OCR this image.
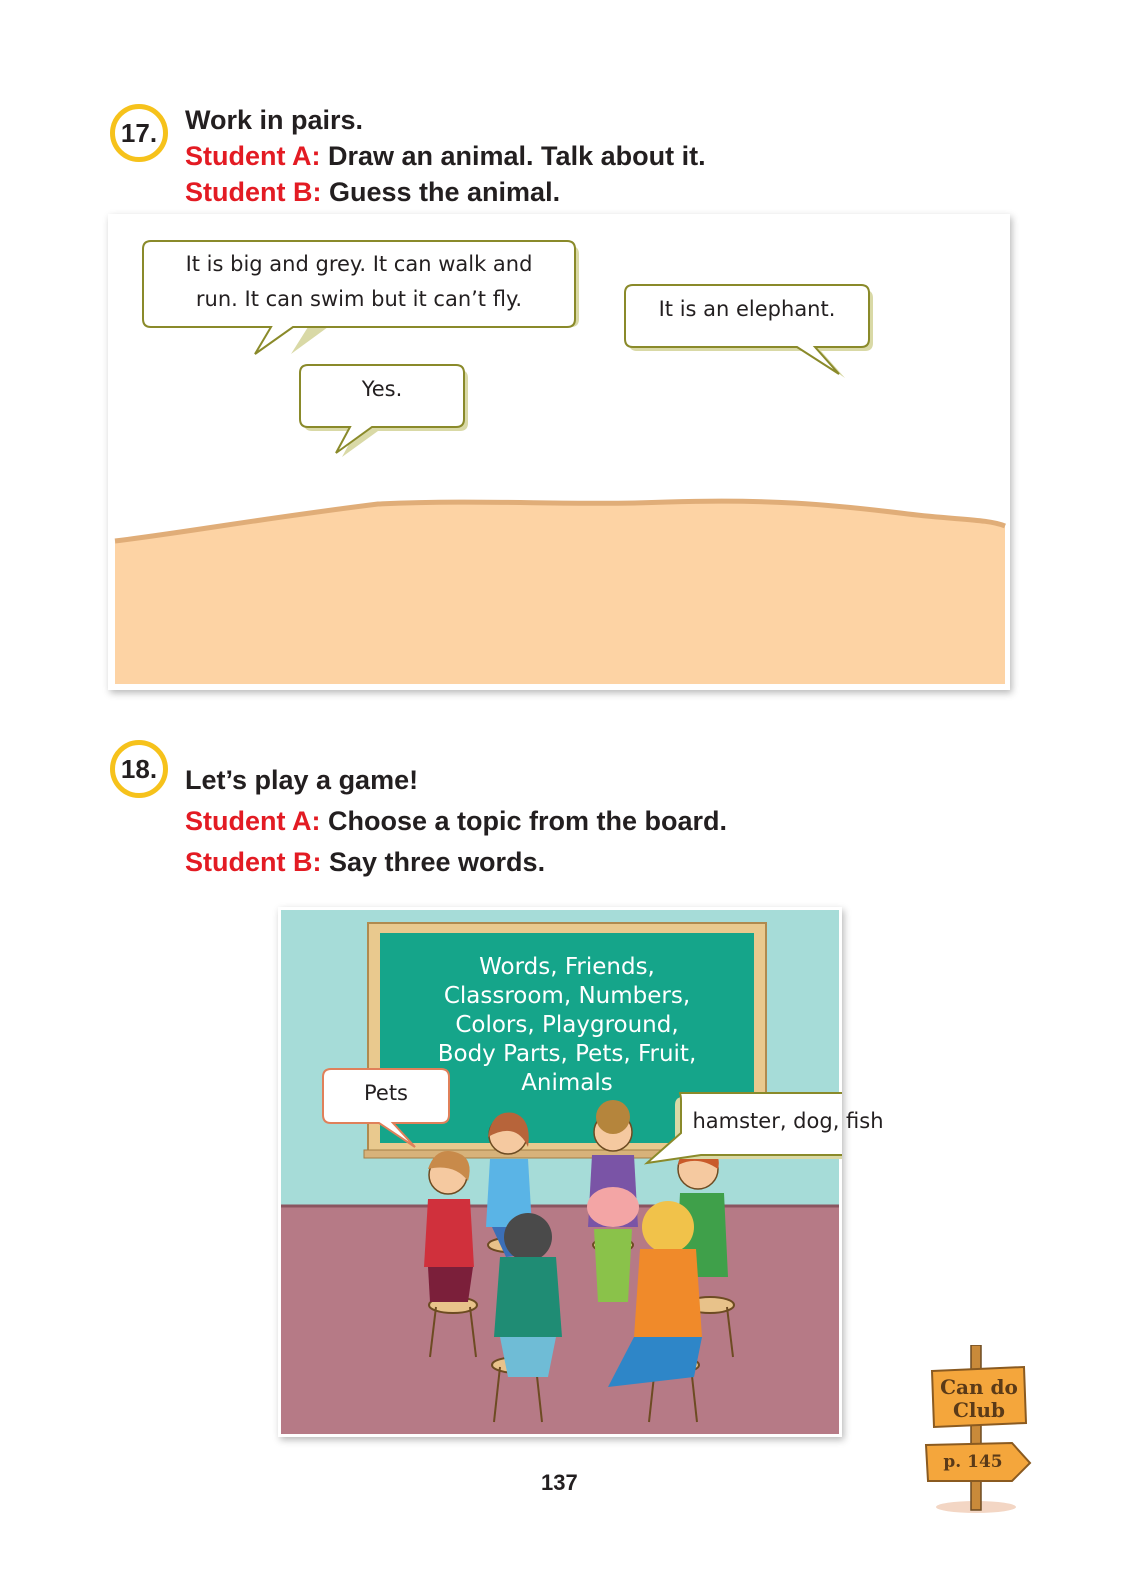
17. Work in pairs.
Student A: Draw an animal. Talk about it.
Student B: Guess the animal.
It is big and grey. It can walk and
run. It can swim but it can’t fly.	It is an elephant.
Yes.
18. Let’s play a game!
Student A: Choose a topic from the board.
Student B: Say three words.
Words, Friends,
Classroom, Numbers,
Colors, Playground,
Body Parts, Pets, Fruit,
Animals
Pets
hamster, dog, fish
137
Can do
Club
p. 145
